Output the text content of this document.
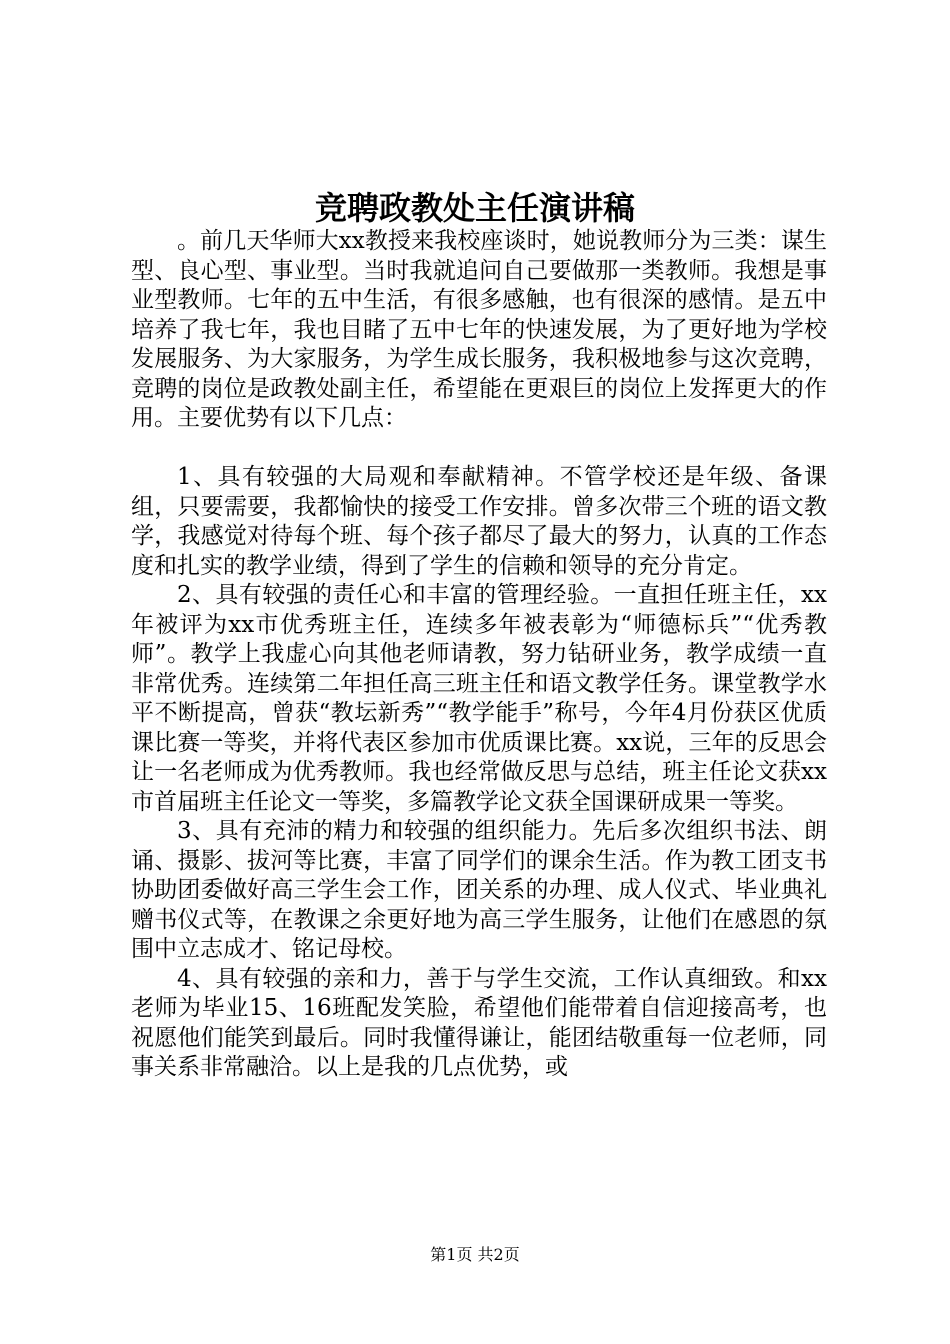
竞聘政教处主任演讲稿

。前几天华师大xx教授来我校座谈时，她说教师分为三类：谋生型、良心型、事业型。当时我就追问自己要做那一类教师。我想是事业型教师。七年的五中生活，有很多感触，也有很深的感情。是五中培养了我七年，我也目睹了五中七年的快速发展，为了更好地为学校发展服务、为大家服务，为学生成长服务，我积极地参与这次竞聘，竞聘的岗位是政教处副主任，希望能在更艰巨的岗位上发挥更大的作用。主要优势有以下几点：

1、具有较强的大局观和奉献精神。不管学校还是年级、备课组，只要需要，我都愉快的接受工作安排。曾多次带三个班的语文教学，我感觉对待每个班、每个孩子都尽了最大的努力，认真的工作态度和扎实的教学业绩，得到了学生的信赖和领导的充分肯定。

2、具有较强的责任心和丰富的管理经验。一直担任班主任，xx年被评为xx市优秀班主任，连续多年被表彰为“师德标兵”“优秀教师”。教学上我虚心向其他老师请教，努力钻研业务，教学成绩一直非常优秀。连续第二年担任高三班主任和语文教学任务。课堂教学水平不断提高，曾获“教坛新秀”“教学能手”称号，今年4月份获区优质课比赛一等奖，并将代表区参加市优质课比赛。xx说，三年的反思会让一名老师成为优秀教师。我也经常做反思与总结，班主任论文获xx市首届班主任论文一等奖，多篇教学论文获全国课研成果一等奖。

3、具有充沛的精力和较强的组织能力。先后多次组织书法、朗诵、摄影、拔河等比赛，丰富了同学们的课余生活。作为教工团支书协助团委做好高三学生会工作，团关系的办理、成人仪式、毕业典礼赠书仪式等，在教课之余更好地为高三学生服务，让他们在感恩的氛围中立志成才、铭记母校。

4、具有较强的亲和力，善于与学生交流，工作认真细致。和xx老师为毕业15、16班配发笑脸，希望他们能带着自信迎接高考，也祝愿他们能笑到最后。同时我懂得谦让，能团结敬重每一位老师，同事关系非常融洽。以上是我的几点优势，或

第1页 共2页
